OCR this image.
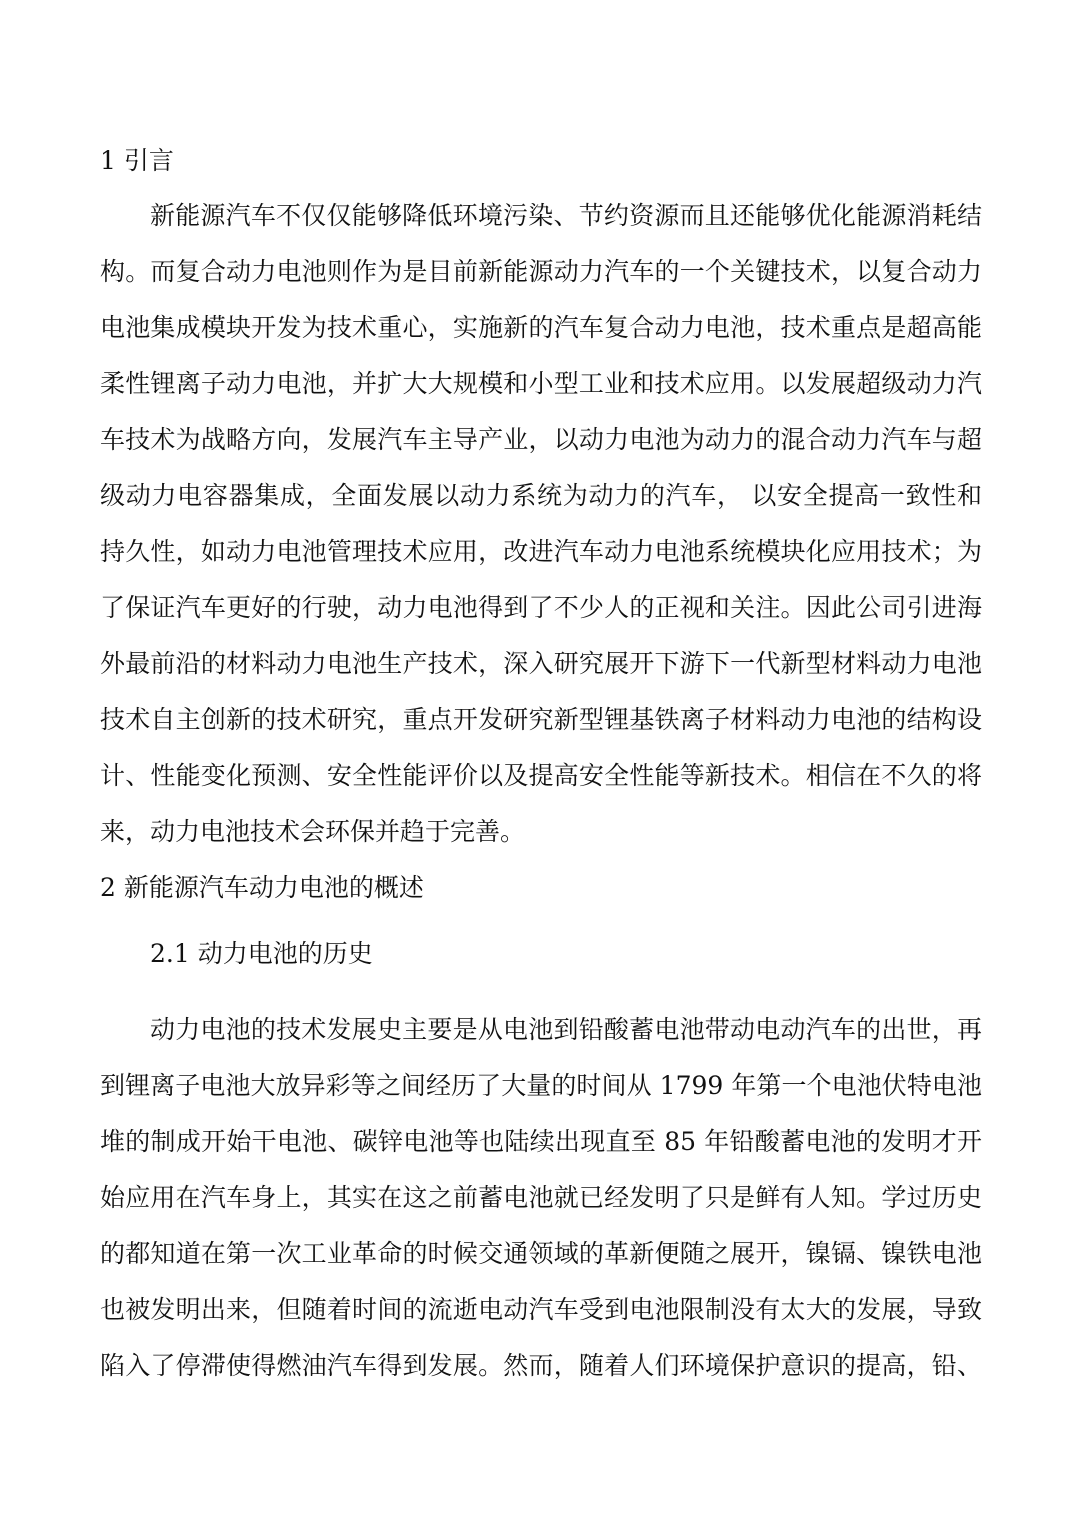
1 引言

新能源汽车不仅仅能够降低环境污染、节约资源而且还能够优化能源消耗结

构。而复合动力电池则作为是目前新能源动力汽车的一个关键技术，以复合动力

电池集成模块开发为技术重心，实施新的汽车复合动力电池，技术重点是超高能

柔性锂离子动力电池，并扩大大规模和小型工业和技术应用。以发展超级动力汽

车技术为战略方向，发展汽车主导产业，以动力电池为动力的混合动力汽车与超

级动力电容器集成，全面发展以动力系统为动力的汽车， 以安全提高一致性和

持久性，如动力电池管理技术应用，改进汽车动力电池系统模块化应用技术；为

了保证汽车更好的行驶，动力电池得到了不少人的正视和关注。因此公司引进海

外最前沿的材料动力电池生产技术，深入研究展开下游下一代新型材料动力电池

技术自主创新的技术研究，重点开发研究新型锂基铁离子材料动力电池的结构设

计、性能变化预测、安全性能评价以及提高安全性能等新技术。相信在不久的将

来，动力电池技术会环保并趋于完善。

2 新能源汽车动力电池的概述

2.1 动力电池的历史

动力电池的技术发展史主要是从电池到铅酸蓄电池带动电动汽车的出世，再

到锂离子电池大放异彩等之间经历了大量的时间从 1799 年第一个电池伏特电池

堆的制成开始干电池、碳锌电池等也陆续出现直至 85 年铅酸蓄电池的发明才开

始应用在汽车身上，其实在这之前蓄电池就已经发明了只是鲜有人知。学过历史

的都知道在第一次工业革命的时候交通领域的革新便随之展开，镍镉、镍铁电池

也被发明出来，但随着时间的流逝电动汽车受到电池限制没有太大的发展，导致

陷入了停滞使得燃油汽车得到发展。然而，随着人们环境保护意识的提高，铅、
